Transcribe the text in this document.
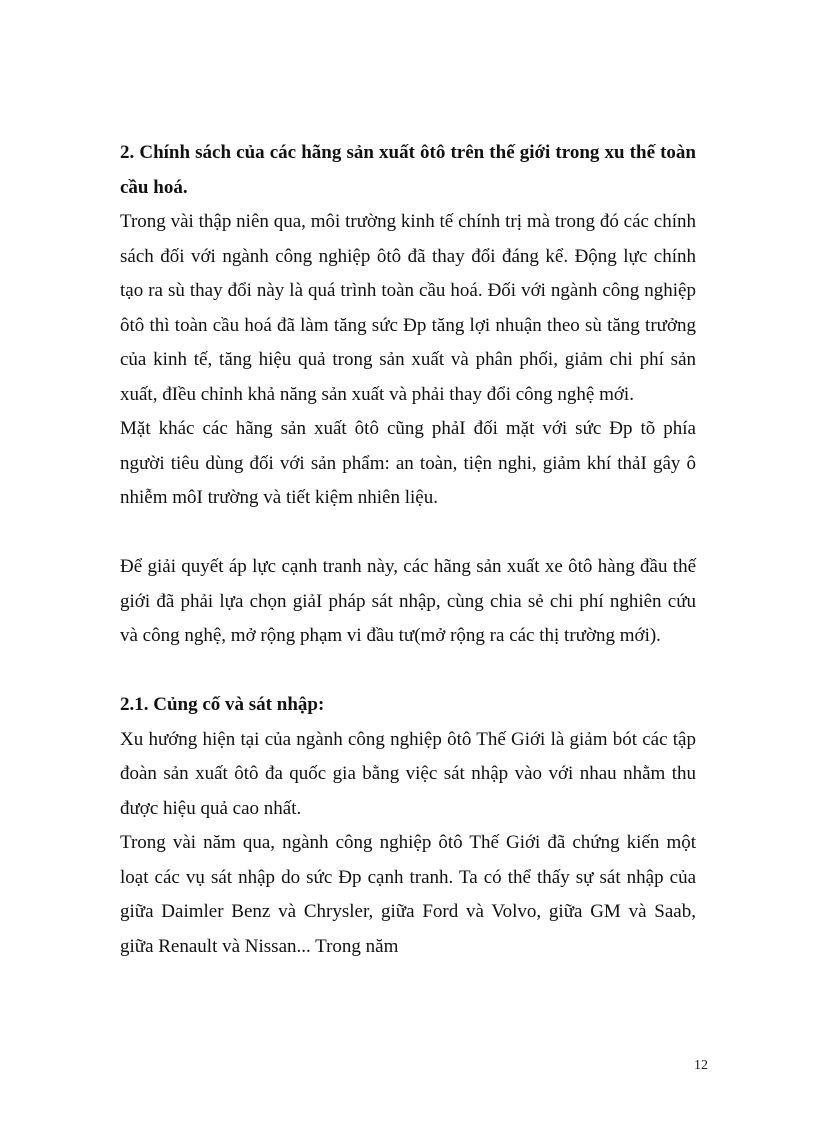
2. Chính sách của các hãng sản xuất ôtô trên thế giới trong xu thế toàn cầu hoá.

Trong vài thập niên qua, môi trường kinh tế chính trị mà trong đó các chính sách đối với ngành công nghiệp ôtô đã thay đổi đáng kể. Động lực chính tạo ra sù thay đổi này là quá trình toàn cầu hoá. Đối với ngành công nghiệp ôtô thì toàn cầu hoá đã làm tăng sức Đp tăng lợi nhuận theo sù tăng trưởng của kinh tế, tăng hiệu quả trong sản xuất và phân phối, giảm chi phí sản xuất, đIều chỉnh khả năng sản xuất và phải thay đổi công nghệ mới.

Mặt khác các hãng sản xuất ôtô cũng phảI đối mặt với sức Đp tõ phía người tiêu dùng đối với sản phẩm: an toàn, tiện nghi, giảm khí thảI gây ô nhiễm môI trường và tiết kiệm nhiên liệu.

Để giải quyết áp lực cạnh tranh này, các hãng sản xuất xe ôtô hàng đầu thế giới đã phải lựa chọn giảI pháp sát nhập, cùng chia sẻ chi phí nghiên cứu và công nghệ, mở rộng phạm vi đầu tư(mở rộng ra các thị trường mới).

2.1. Củng cố và sát nhập:

Xu hướng hiện tại của ngành công nghiệp ôtô Thế Giới là giảm bót các tập đoàn sản xuất ôtô đa quốc gia bằng việc sát nhập vào với nhau nhằm thu được hiệu quả cao nhất.

Trong vài năm qua, ngành công nghiệp ôtô Thế Giới đã chứng kiến một loạt các vụ sát nhập do sức Đp cạnh tranh. Ta có thể thấy sự sát nhập của giữa Daimler Benz và Chrysler, giữa Ford và Volvo, giữa GM và Saab, giữa Renault và Nissan... Trong năm

12
